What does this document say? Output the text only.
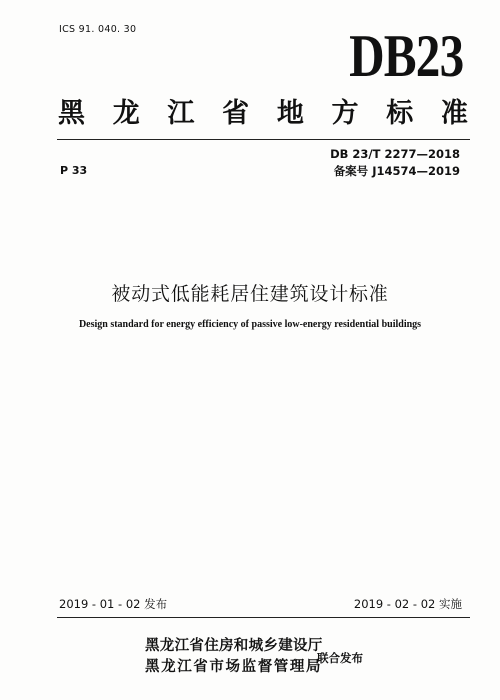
ICS 91. 040. 30	DB23
黑 龙 江 省 地 方 标 准
DB 23/T 2277—2018
P 33	备案号 J14574—2019
被动式低能耗居住建筑设计标准
Design standard for energy efficiency of passive low-energy residential buildings
2019 - 01 - 02 发布	2019 - 02 - 02 实施
黑龙江省住房和城乡建设厅
黑龙江省市场监督管理局
联合发布
